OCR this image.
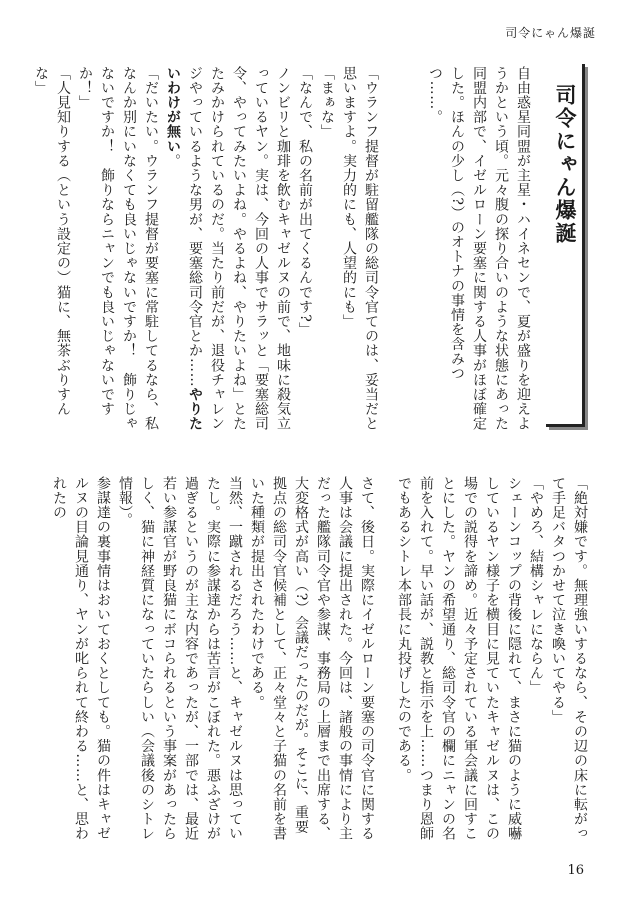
司令にゃん爆誕
司令にゃん爆誕

自由惑星同盟が主星・ハイネセンで、夏が盛りを迎えようかという頃。元々腹の探り合いのような状態にあった同盟内部で、イゼルローン要塞に関する人事がほぼ確定した。ほんの少し（?）のオトナの事情を含みつつ……。

「ウランフ提督が駐留艦隊の総司令官てのは、妥当だと思いますよ。実力的にも、人望的にも」

「まぁな」

「なんで、私の名前が出てくるんです?」

ノンビリと珈琲を飲むキャゼルヌの前で、地味に殺気立っているヤン。実は、今回の人事でサラッと「要塞総司令、やってみたいよね。やるよね、やりたいよね」とたたみかけられているのだ。当たり前だが、退役チャレンジやっているような男が、要塞総司令官とか……やりたいわけが無い。

「だいたい。ウランフ提督が要塞に常駐してるなら、私なんか別にいなくても良いじゃないですか！　飾りじゃないですか！　飾りならニャンでも良いじゃないですか！」

「人見知りする（という設定の）猫に、無茶ぶりすんな」

「絶対嫌です。無理強いするなら、その辺の床に転がって手足バタつかせて泣き喚いてやる」

「やめろ、結構シャレにならん」

シェーンコップの背後に隠れて、まさに猫のように威嚇しているヤン様子を横目に見ていたキャゼルヌは、この場での説得を諦め。近々予定されている軍会議に回すことにした。ヤンの希望通り、総司令官の欄にニャンの名前を入れて。早い話が、説教と指示を上……つまり恩師でもあるシトレ本部長に丸投げしたのである。

さて、後日。実際にイゼルローン要塞の司令官に関する人事は会議に提出された。今回は、諸般の事情により主だった艦隊司令官や参謀、事務局の上層まで出席する、大変格式が高い（?）会議だったのだが。そこに、重要拠点の総司令官候補として、正々堂々と子猫の名前を書いた種類が提出されたわけである。

当然、一蹴されるだろう……と、キャゼルヌは思っていたし。実際に参謀達からは苦言がこぼれた。悪ふざけが過ぎるというのが主な内容であったが、一部では、最近若い参謀官が野良猫にボコられるという事案があったらしく、猫に神経質になっていたらしい（会議後のシトレ情報）。

参謀達の裏事情はおいておくとしても。猫の件はキャゼルヌの目論見通り、ヤンが叱られて終わる……と、思われたの

16
